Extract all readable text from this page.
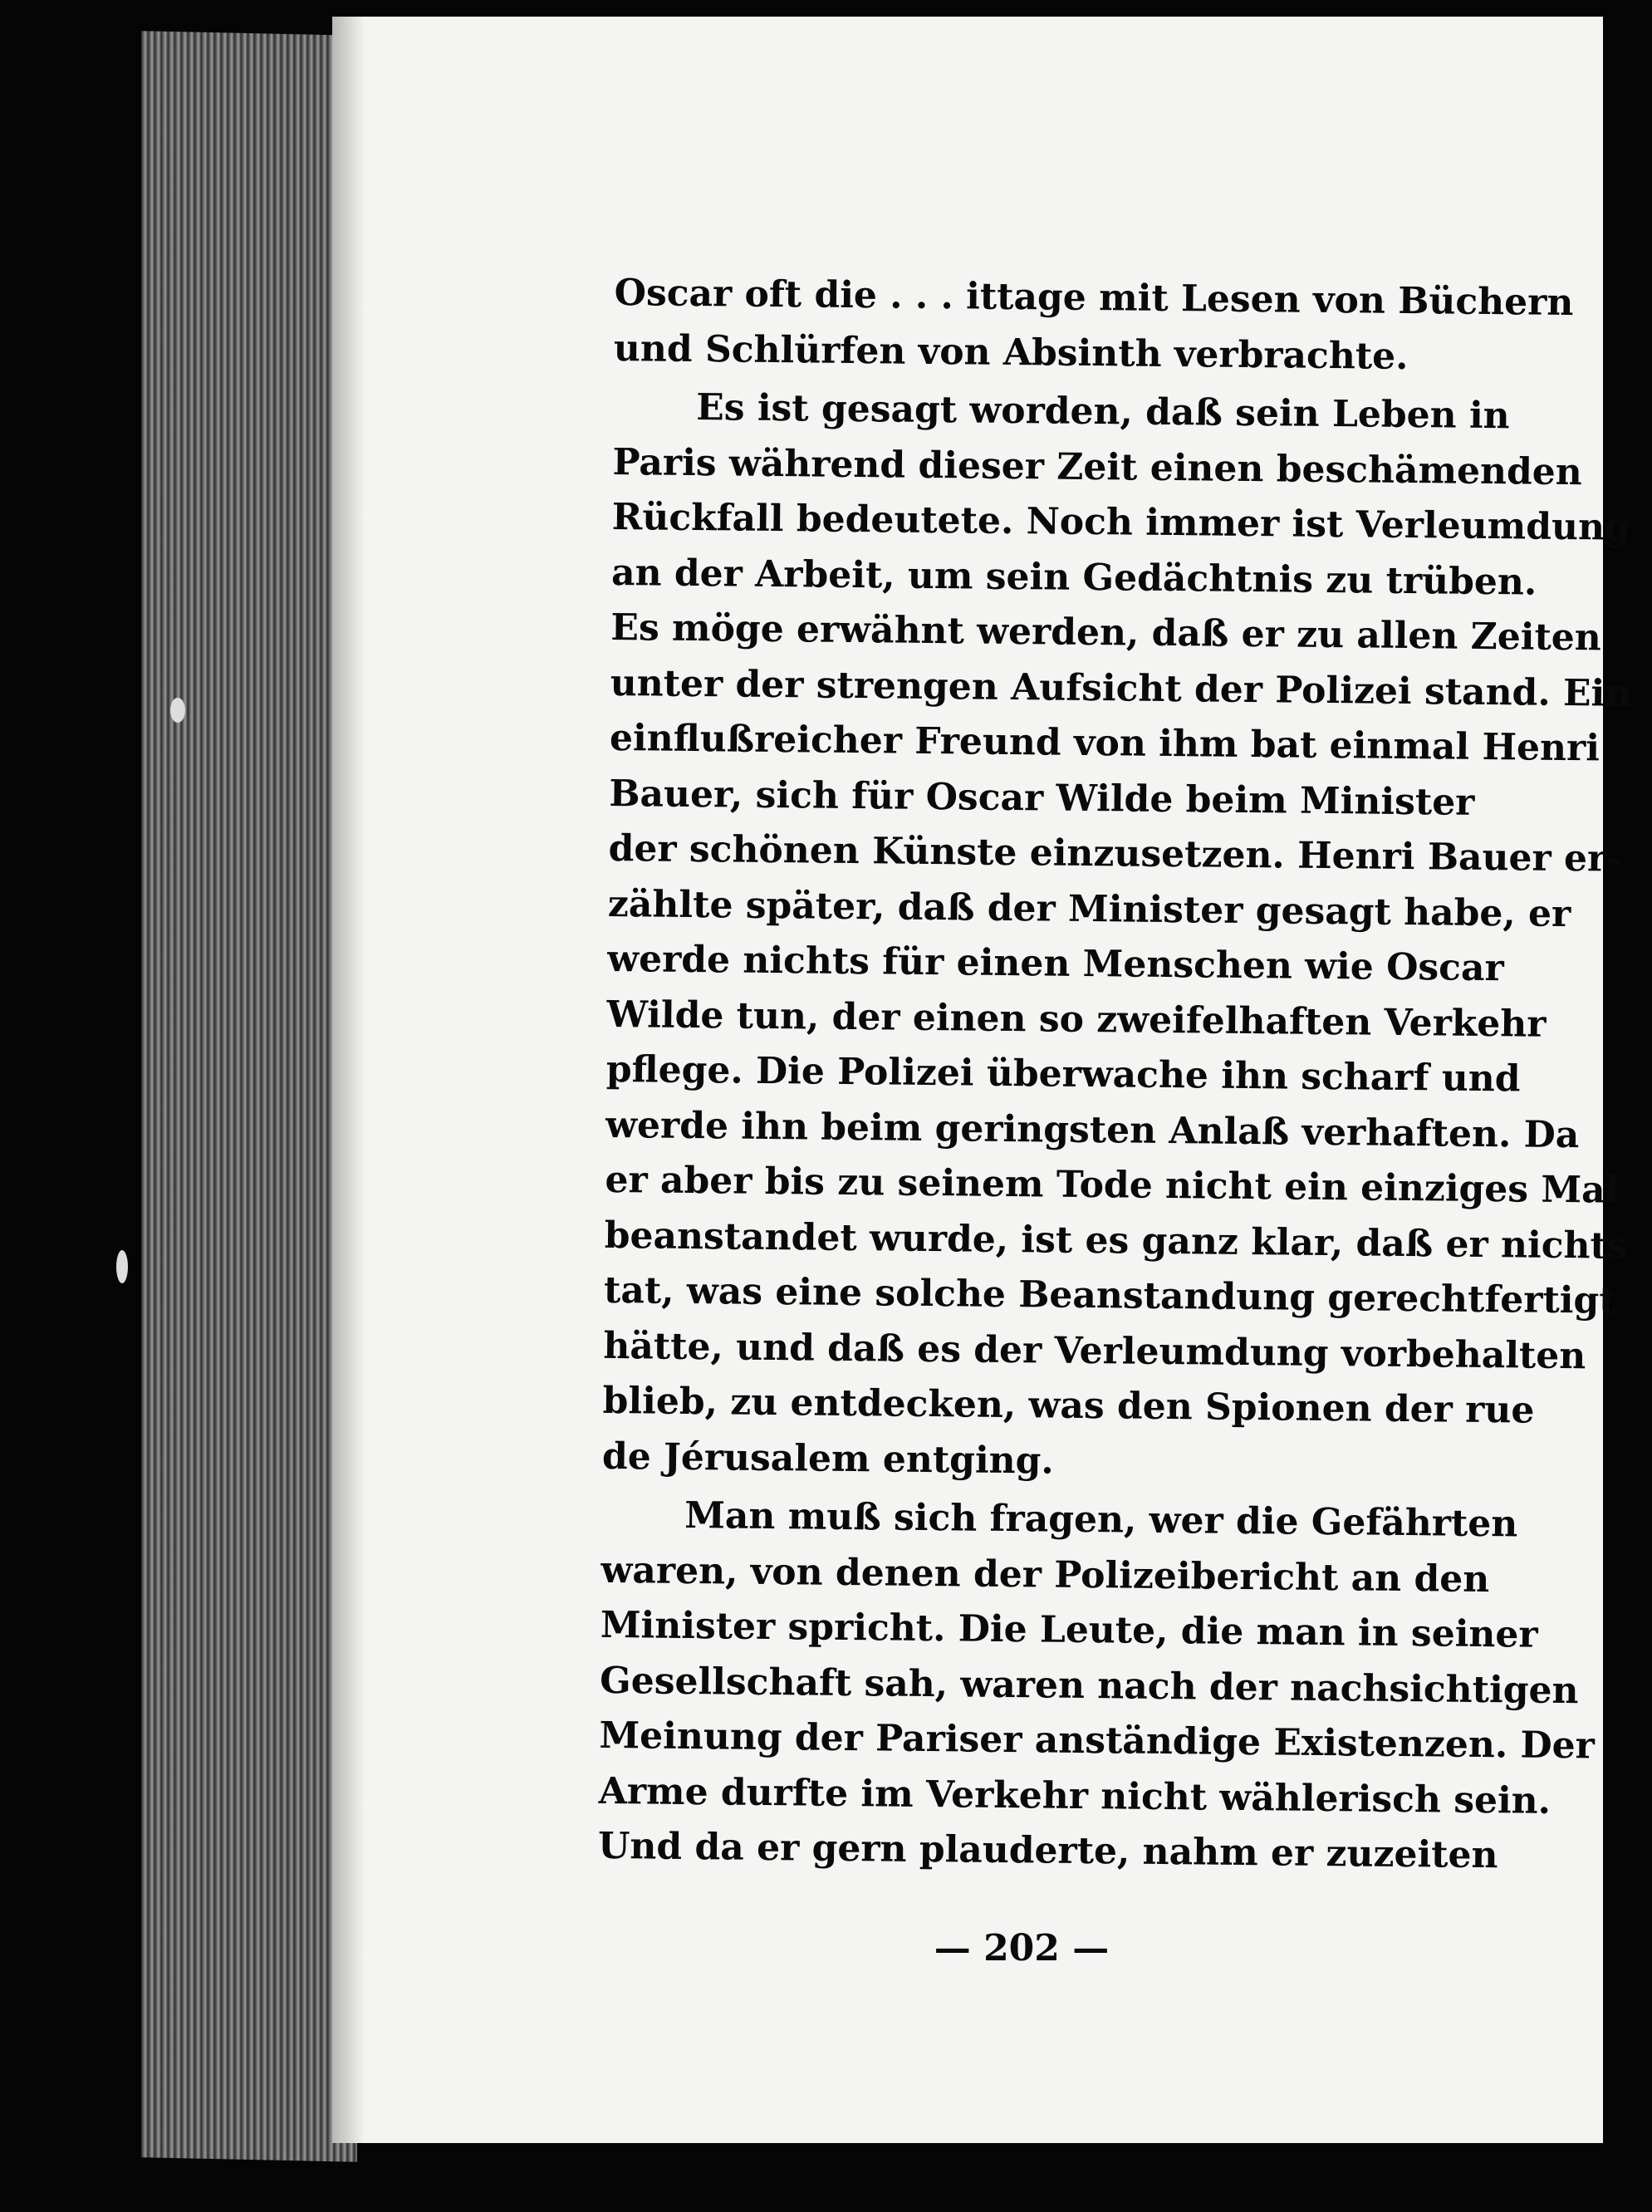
Oscar oft die ․ ․ ․ ittage mit Lesen von Büchern
und Schlürfen von Absinth verbrachte.
Es ist gesagt worden, daß sein Leben in
Paris während dieser Zeit einen beschämenden
Rückfall bedeutete. Noch immer ist Verleumdung
an der Arbeit, um sein Gedächtnis zu trüben.
Es möge erwähnt werden, daß er zu allen Zeiten
unter der strengen Aufsicht der Polizei stand. Ein
einflußreicher Freund von ihm bat einmal Henri
Bauer, sich für Oscar Wilde beim Minister
der schönen Künste einzusetzen. Henri Bauer er-
zählte später, daß der Minister gesagt habe, er
werde nichts für einen Menschen wie Oscar
Wilde tun, der einen so zweifelhaften Verkehr
pflege. Die Polizei überwache ihn scharf und
werde ihn beim geringsten Anlaß verhaften. Da
er aber bis zu seinem Tode nicht ein einziges Mal
beanstandet wurde, ist es ganz klar, daß er nichts
tat, was eine solche Beanstandung gerechtfertigt
hätte, und daß es der Verleumdung vorbehalten
blieb, zu entdecken, was den Spionen der rue
de Jérusalem entging.
Man muß sich fragen, wer die Gefährten
waren, von denen der Polizeibericht an den
Minister spricht. Die Leute, die man in seiner
Gesellschaft sah, waren nach der nachsichtigen
Meinung der Pariser anständige Existenzen. Der
Arme durfte im Verkehr nicht wählerisch sein.
Und da er gern plauderte, nahm er zuzeiten
— 202 —
